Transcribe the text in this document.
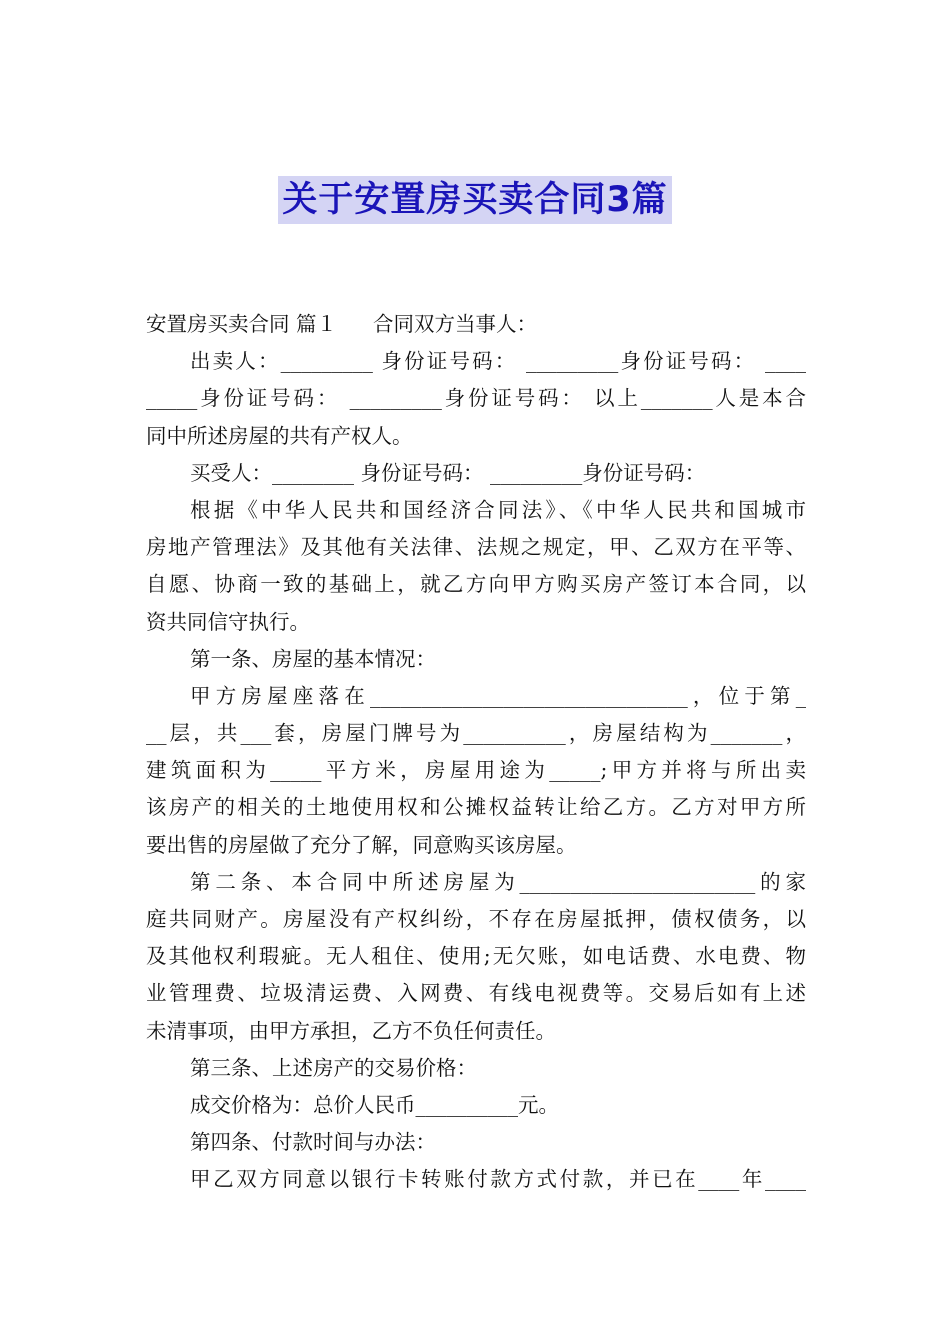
关于安置房买卖合同3篇
安置房买卖合同 篇１ 合同双方当事人：
出卖人：_________ 身份证号码： _________身份证号码： ____
_____身份证号码： _________身份证号码： 以上_______人是本合
同中所述房屋的共有产权人。
买受人：________ 身份证号码： _________身份证号码：
根据《中华人民共和国经济合同法》、《中华人民共和国城市
房地产管理法》及其他有关法律、法规之规定，甲、乙双方在平等、
自愿、协商一致的基础上，就乙方向甲方购买房产签订本合同，以
资共同信守执行。
第一条、房屋的基本情况：
甲方房屋座落在_______________________________，位于第_
__层，共___套，房屋门牌号为__________，房屋结构为_______，
建筑面积为_____平方米，房屋用途为_____;甲方并将与所出卖
该房产的相关的土地使用权和公摊权益转让给乙方。乙方对甲方所
要出售的房屋做了充分了解，同意购买该房屋。
第二条、本合同中所述房屋为_______________________的家
庭共同财产。房屋没有产权纠纷，不存在房屋抵押，债权债务，以
及其他权利瑕疵。无人租住、使用;无欠账，如电话费、水电费、物
业管理费、垃圾清运费、入网费、有线电视费等。交易后如有上述
未清事项，由甲方承担，乙方不负任何责任。
第三条、上述房产的交易价格：
成交价格为：总价人民币__________元。
第四条、付款时间与办法：
甲乙双方同意以银行卡转账付款方式付款，并已在____年____
